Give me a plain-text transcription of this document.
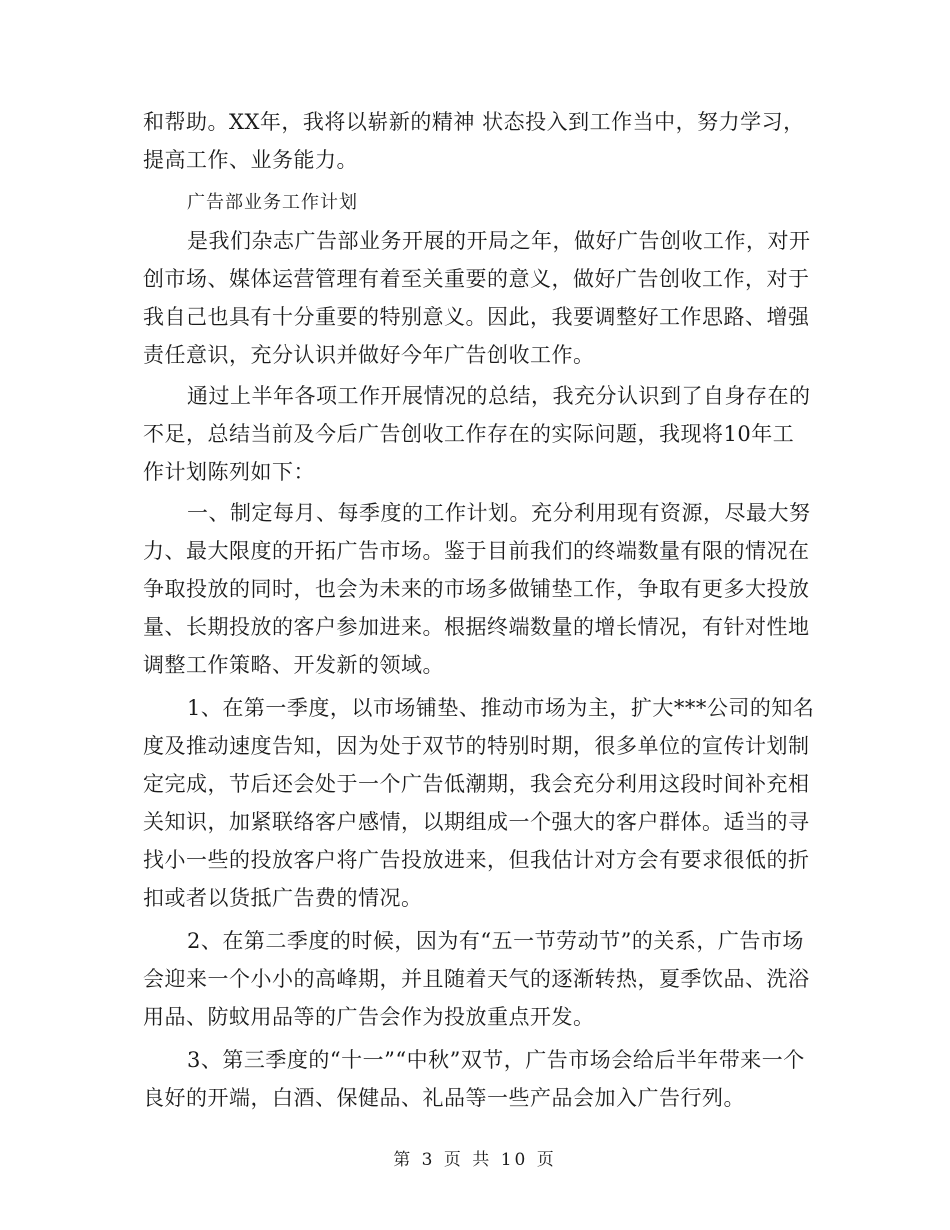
和帮助。XX年，我将以崭新的精神 状态投入到工作当中，努力学习，提高工作、业务能力。

广告部业务工作计划

是我们杂志广告部业务开展的开局之年，做好广告创收工作，对开创市场、媒体运营管理有着至关重要的意义，做好广告创收工作，对于我自己也具有十分重要的特别意义。因此，我要调整好工作思路、增强责任意识，充分认识并做好今年广告创收工作。

通过上半年各项工作开展情况的总结，我充分认识到了自身存在的不足，总结当前及今后广告创收工作存在的实际问题，我现将10年工作计划陈列如下：

一、制定每月、每季度的工作计划。充分利用现有资源，尽最大努力、最大限度的开拓广告市场。鉴于目前我们的终端数量有限的情况在争取投放的同时，也会为未来的市场多做铺垫工作，争取有更多大投放量、长期投放的客户参加进来。根据终端数量的增长情况，有针对性地调整工作策略、开发新的领域。

1、在第一季度，以市场铺垫、推动市场为主，扩大***公司的知名度及推动速度告知，因为处于双节的特别时期，很多单位的宣传计划制定完成，节后还会处于一个广告低潮期，我会充分利用这段时间补充相关知识，加紧联络客户感情，以期组成一个强大的客户群体。适当的寻找小一些的投放客户将广告投放进来，但我估计对方会有要求很低的折扣或者以货抵广告费的情况。

2、在第二季度的时候，因为有“五一节劳动节”的关系，广告市场会迎来一个小小的高峰期，并且随着天气的逐渐转热，夏季饮品、洗浴用品、防蚊用品等的广告会作为投放重点开发。

3、第三季度的“十一”“中秋”双节，广告市场会给后半年带来一个良好的开端，白酒、保健品、礼品等一些产品会加入广告行列。

第 3 页 共 10 页
